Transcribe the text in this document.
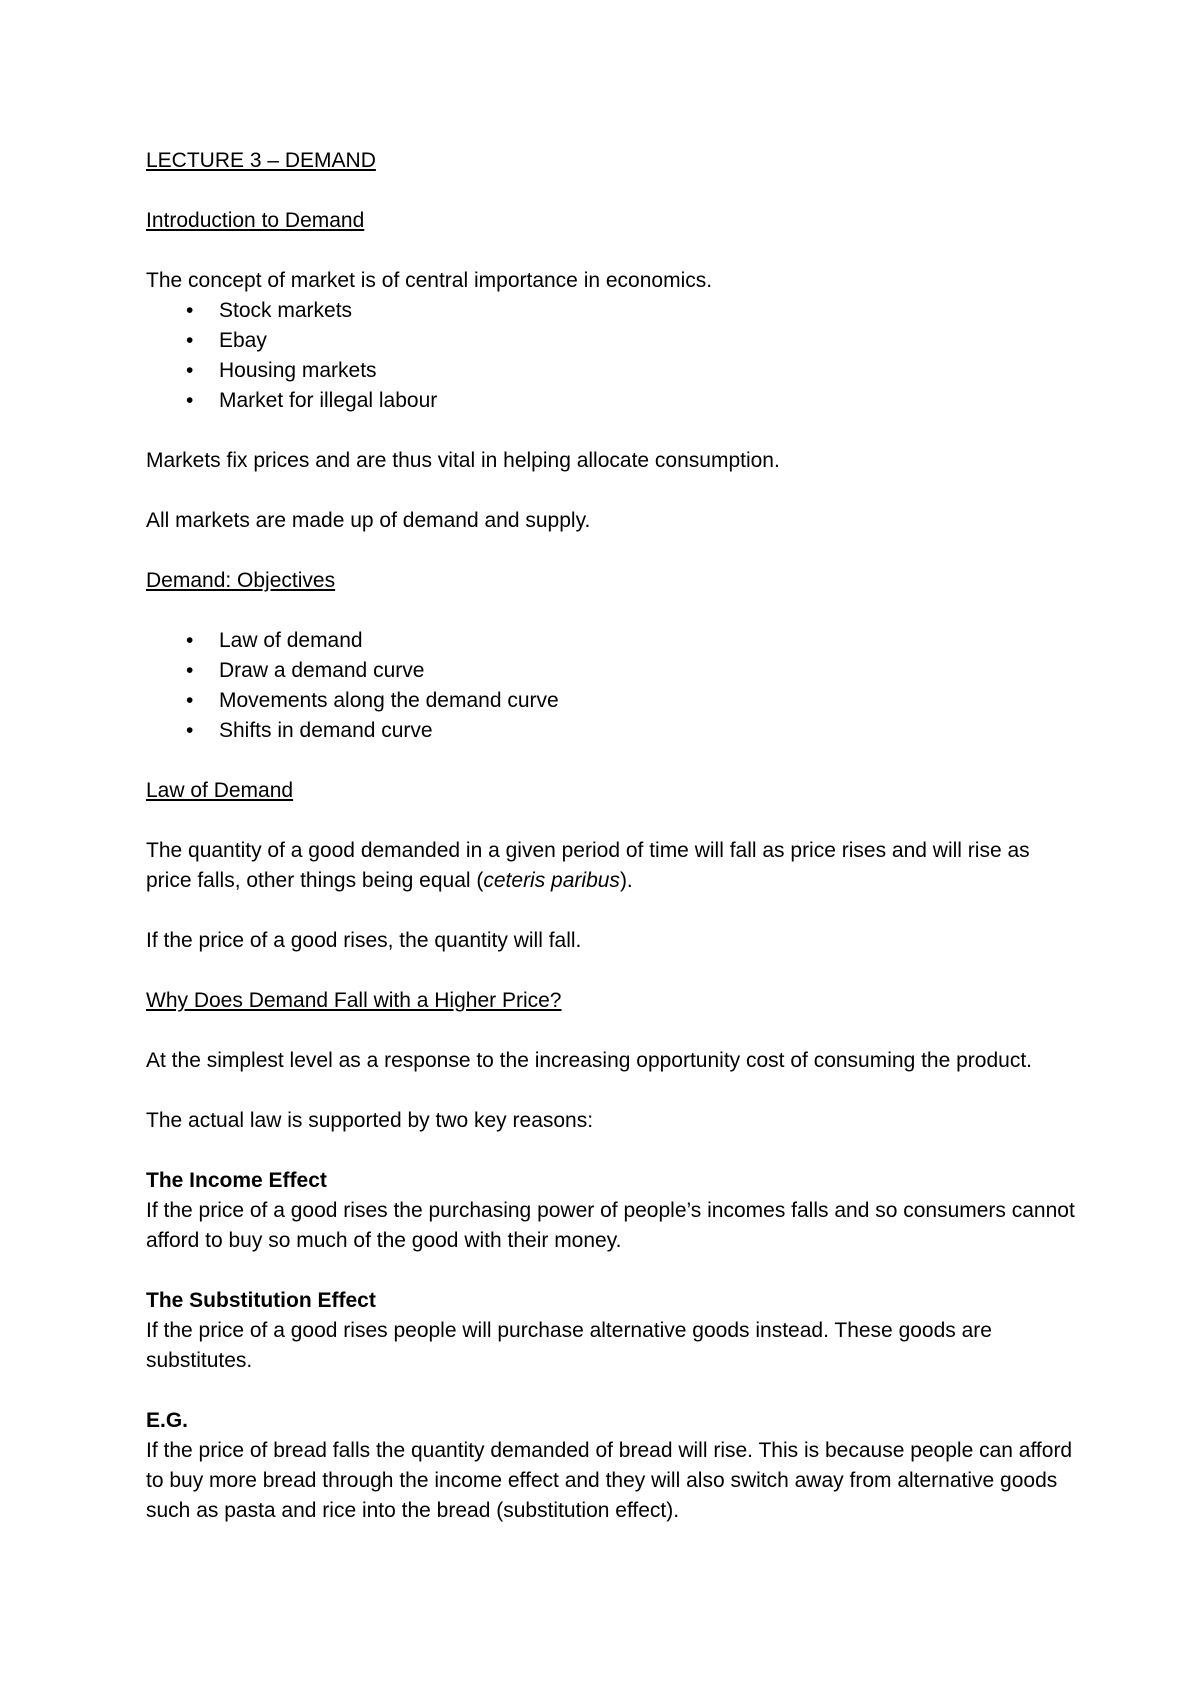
LECTURE 3 – DEMAND

Introduction to Demand

The concept of market is of central importance in economics.

• Stock markets
• Ebay
• Housing markets
• Market for illegal labour

Markets fix prices and are thus vital in helping allocate consumption.

All markets are made up of demand and supply.

Demand: Objectives

• Law of demand
• Draw a demand curve
• Movements along the demand curve
• Shifts in demand curve

Law of Demand

The quantity of a good demanded in a given period of time will fall as price rises and will rise as price falls, other things being equal (ceteris paribus).

If the price of a good rises, the quantity will fall.

Why Does Demand Fall with a Higher Price?

At the simplest level as a response to the increasing opportunity cost of consuming the product.

The actual law is supported by two key reasons:

The Income Effect

If the price of a good rises the purchasing power of people’s incomes falls and so consumers cannot afford to buy so much of the good with their money.

The Substitution Effect

If the price of a good rises people will purchase alternative goods instead. These goods are substitutes.

E.G.

If the price of bread falls the quantity demanded of bread will rise. This is because people can afford to buy more bread through the income effect and they will also switch away from alternative goods such as pasta and rice into the bread (substitution effect).
